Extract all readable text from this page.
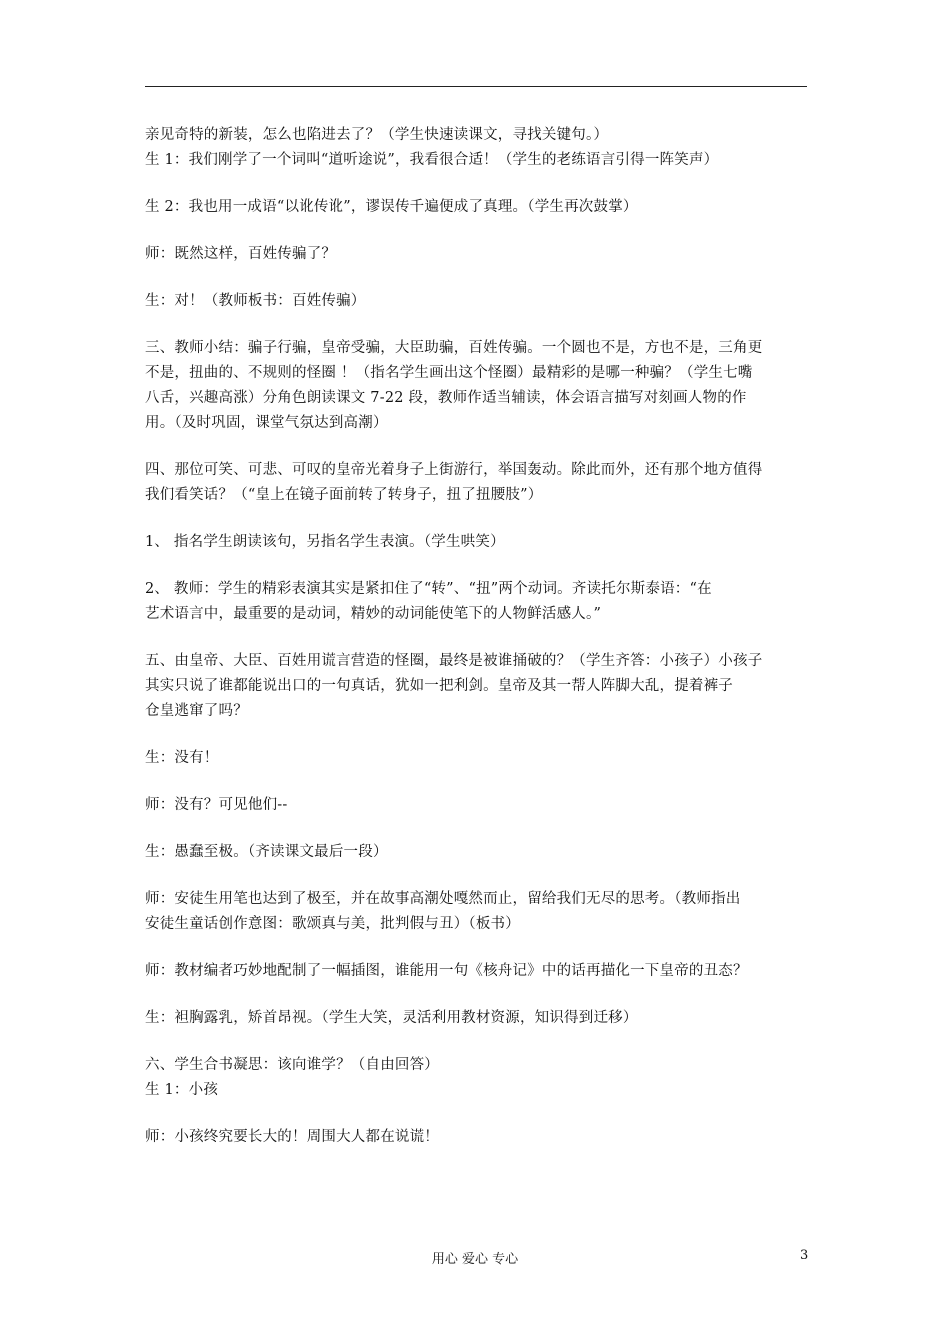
亲见奇特的新装，怎么也陷进去了？（学生快速读课文，寻找关键句。）
生 1：我们刚学了一个词叫“道听途说”，我看很合适！（学生的老练语言引得一阵笑声）
生 2：我也用一成语“以讹传讹”，谬误传千遍便成了真理。（学生再次鼓掌）
师：既然这样，百姓传骗了？
生：对！（教师板书：百姓传骗）
三、教师小结：骗子行骗，皇帝受骗，大臣助骗，百姓传骗。一个圆也不是，方也不是，三角更
不是，扭曲的、不规则的怪圈 ！（指名学生画出这个怪圈）最精彩的是哪一种骗？（学生七嘴
八舌，兴趣高涨）分角色朗读课文 7-22 段，教师作适当辅读，体会语言描写对刻画人物的作
用。（及时巩固，课堂气氛达到高潮）
四、那位可笑、可悲、可叹的皇帝光着身子上街游行，举国轰动。除此而外，还有那个地方值得
我们看笑话？（“皇上在镜子面前转了转身子，扭了扭腰肢”）
1、 指名学生朗读该句，另指名学生表演。（学生哄笑）
2、 教师：学生的精彩表演其实是紧扣住了“转”、“扭”两个动词。齐读托尔斯泰语：“在
艺术语言中，最重要的是动词，精妙的动词能使笔下的人物鲜活感人。”
五、由皇帝、大臣、百姓用谎言营造的怪圈，最终是被谁捅破的？（学生齐答：小孩子）小孩子
其实只说了谁都能说出口的一句真话，犹如一把利剑。皇帝及其一帮人阵脚大乱，提着裤子
仓皇逃窜了吗？
生：没有！
师：没有？可见他们--
生：愚蠢至极。（齐读课文最后一段）
师：安徒生用笔也达到了极至，并在故事高潮处嘎然而止，留给我们无尽的思考。（教师指出
安徒生童话创作意图：歌颂真与美，批判假与丑）（板书）
师：教材编者巧妙地配制了一幅插图，谁能用一句《核舟记》中的话再描化一下皇帝的丑态？
生：袒胸露乳，矫首昂视。（学生大笑，灵活利用教材资源，知识得到迁移）
六、学生合书凝思：该向谁学？（自由回答）
生 1：小孩
师：小孩终究要长大的！周围大人都在说谎！
用心 爱心 专心	3
